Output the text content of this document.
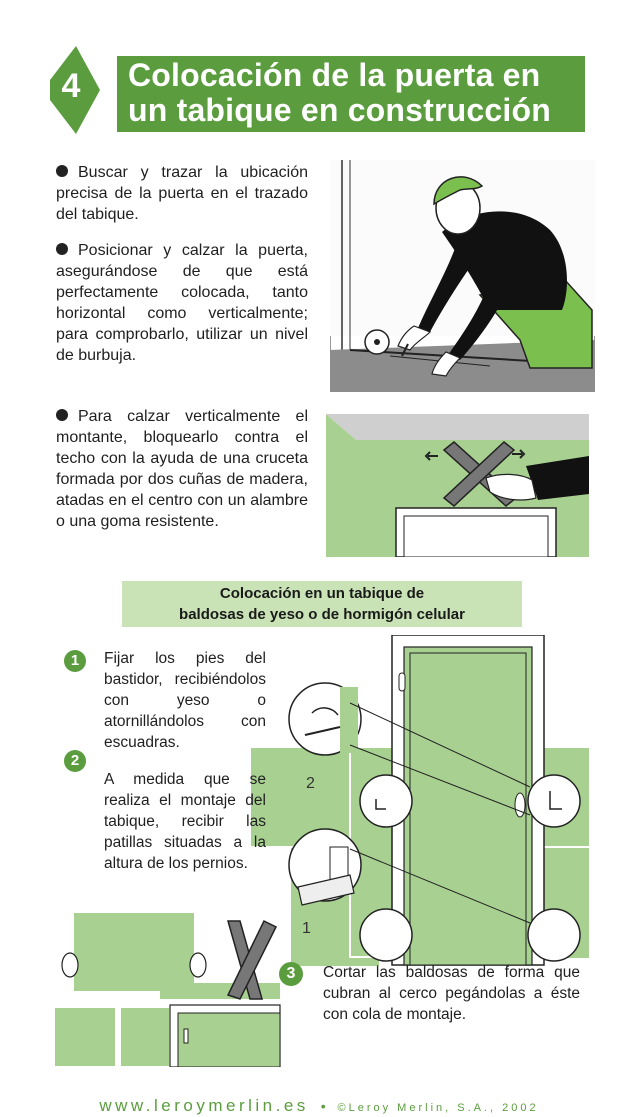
4 Colocación de la puerta en
un tabique en construcción
Buscar y trazar la ubicación precisa de la puerta en el trazado del tabique.
Posicionar y calzar la puerta, asegurándose de que está perfectamente colocada, tanto horizontal como verticalmente; para comprobarlo, utilizar un nivel de burbuja.
Para calzar verticalmente el montante, bloquearlo contra el techo con la ayuda de una cruceta formada por dos cuñas de madera, atadas en el centro con un alambre o una goma resistente.
Colocación en un tabique de
baldosas de yeso o de hormigón celular
2
1
1	Fijar los pies del bastidor, recibiéndolos con yeso o atornillándolos con escuadras.
2
A medida que se realiza el montaje del tabique, recibir las patillas situadas a la altura de los pernios.
3	Cortar las baldosas de forma que cubran al cerco pegándolas a éste con cola de montaje.
www.leroymerlin.es • ©Leroy Merlin, S.A., 2002
